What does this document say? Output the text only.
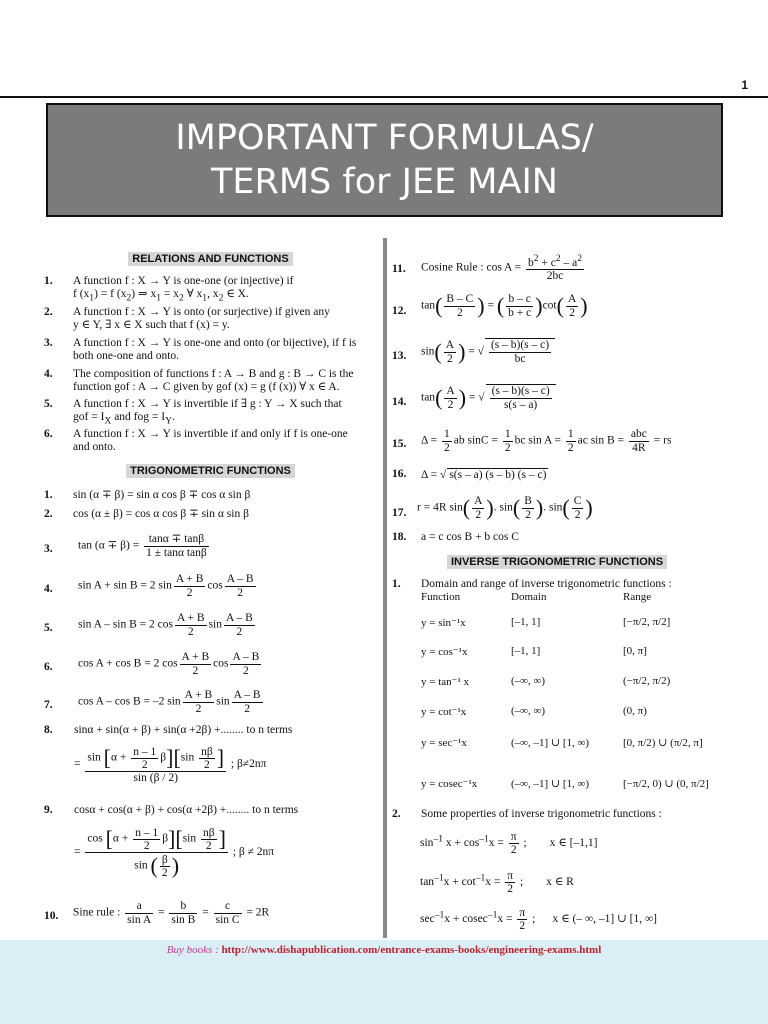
1
IMPORTANT FORMULAS/
TERMS for JEE MAIN
RELATIONS AND FUNCTIONS
1. A function f : X → Y is one-one (or injective) if
f $(x_1) = f$ $(x_2)$ ⇒ $x_1 = x_2$ ∀ $x_1$, $x_2$ ∈ X.
2. A function f : X → Y is onto (or surjective) if given any
y ∈ Y, ∃ x ∈ X such that f (x) = y.
3. A function f : X → Y is one-one and onto (or bijective), if f is
both one-one and onto.
4. The composition of functions f : A → B and g : B → C is the
function gof : A → C given by gof (x) = g (f (x)) ∀ x ∈ A.
5. A function f : X → Y is invertible if ∃ g : Y → X such that
gof = $I_X$ and fog = $I_Y$.
6. A function f : X → Y is invertible if and only if f is one-one
and onto.
TRIGONOMETRIC FUNCTIONS
1. sin (α ∓ β) = sin α cos β ∓ cos α sin β
2. cos (α ± β) = cos α cos β ∓ sin α sin β
3. $\tan (\alpha \mp \beta) = \frac{\tan\alpha \mp \tan\beta}{\text{1 ± tanα tanβ}}$
4. sin A + sin B = 2 $\sin \frac{A + B}{2}$ $\cos \frac{A - B}{2}$
5. sin A – sin B = 2 $\cos \frac{A + B}{2}$ $\sin \frac{A - B}{2}$
6. cos A + cos B = 2 $\cos \frac{A + B}{2}$ $\cos \frac{A - B}{2}$
7. cos A – cos B = –2 $\sin \frac{A + B}{2}$ $\sin \frac{A - B}{2}$
8. sinα + sin(α + β) + sin(α +2β) +........ to n terms
= $\frac{\sin [\alpha + \frac{n - 1}{2} \beta][\sin \frac{n\beta}{2} ]}{\sin (\beta / 2)}$ ; β≠2nπ
9. cosα + cos(α + β) + cos(α +2β) +........ to n terms
= $\frac{\cos [\alpha + \frac{n - 1}{2} \beta][\sin \frac{n\beta}{2} ]}{\sin ( \frac{\beta}{2} )}$ ; β ≠ 2nπ
10. Sine rule : $\frac{a}{\text{sin A}} = \frac{b}{\text{sin B}} = \frac{c}{\text{sin C}} = 2R$
11. Cosine Rule : $\cos A = \frac{b^2 + c^2 - a^2}{2bc}$
12. $\tan( \frac{B - C}{2}$ ) = ( $\frac{b - c}{b + c} )\cot( \frac{A}{2}$ )
13. $\sin( \frac{A}{2}$ ) = √ $\frac{(s - b)(s - c)}{bc}$
14. $\tan( \frac{A}{2}$ ) = √ $\frac{(s - b)(s - c)}{s(s - a)}$
15. $\Delta = \frac{1}{2}$ ab $\sin C = \frac{1}{2}$ bc $\sin A = \frac{1}{2}$ ac sin B =
abc
4R
= rs
16. Δ = √ s(s – a) (s – b) (s – c)
17. r = 4R $\sin( \frac{A}{2}$ ). $\sin( \frac{B}{2}$ ). $\sin( \frac{C}{2}$ )
18. a = c cos B + b cos C
INVERSE TRIGONOMETRIC FUNCTIONS
1. Domain and range of inverse trigonometric functions :
Function	Domain	Range
y = sin⁻¹x	[–1, 1]	[−π/2, π/2]
y = cos⁻¹x	[–1, 1]	[0, π]
y = tan⁻¹ x	(–∞, ∞)	(−π/2, π/2)
y = cot⁻¹x	(–∞, ∞)	(0, π)
y = sec⁻¹x	(–∞, –1] ∪ [1, ∞)	[0, π/2) ∪ (π/2, π]
y = cosec⁻¹x	(–∞, –1] ∪ [1, ∞)	[−π/2, 0) ∪ (0, π/2]
2. Some properties of inverse trigonometric functions :
$\sin^{-1} x + \cos^{-1}x = \frac{\pi}{2}$ ;        x ∈ [–1,1]
$\tan^{-1}x + \cot^{-1}x = \frac{\pi}{2}$ ;        x ∈ R
$\sec^{-1}x + cosec^{-1}x = \frac{\pi}{2}$ ;      x ∈ (– ∞, –1] ∪ [1, ∞]
Buy books : http://www.dishapublication.com/entrance-exams-books/engineering-exams.html
